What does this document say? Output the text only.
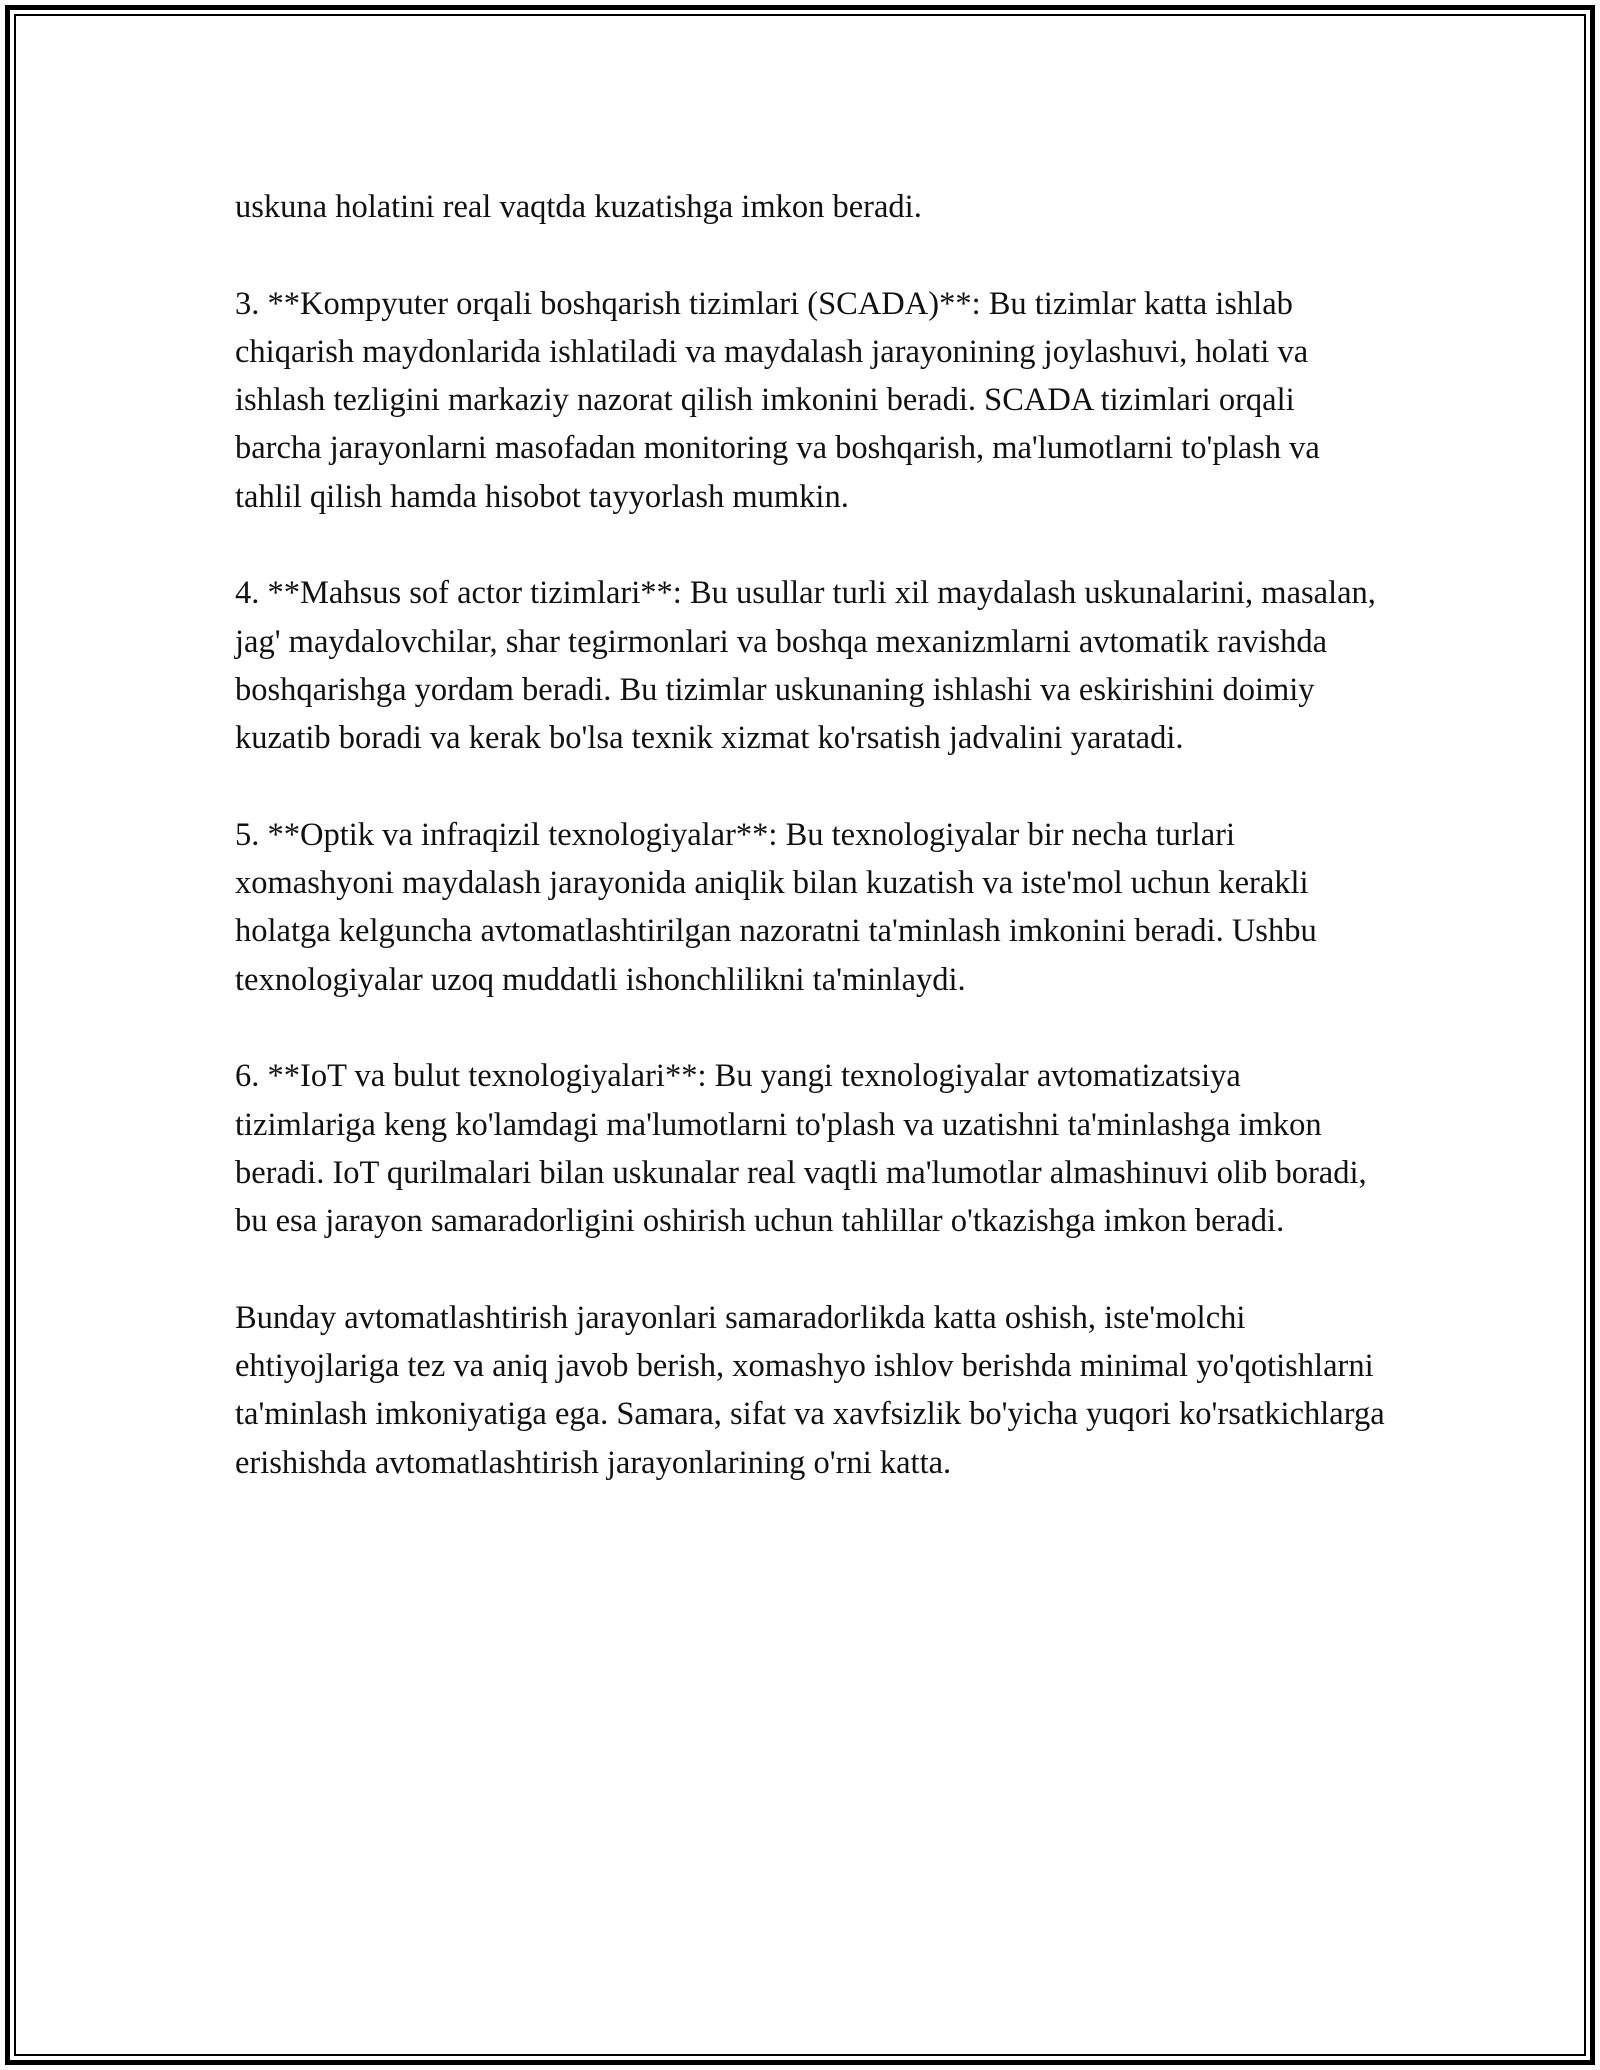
uskuna holatini real vaqtda kuzatishga imkon beradi.

3. **Kompyuter orqali boshqarish tizimlari (SCADA)**: Bu tizimlar katta ishlab chiqarish maydonlarida ishlatiladi va maydalash jarayonining joylashuvi, holati va ishlash tezligini markaziy nazorat qilish imkonini beradi. SCADA tizimlari orqali barcha jarayonlarni masofadan monitoring va boshqarish, ma'lumotlarni to'plash va tahlil qilish hamda hisobot tayyorlash mumkin.

4. **Mahsus sof actor tizimlari**: Bu usullar turli xil maydalash uskunalarini, masalan, jag' maydalovchilar, shar tegirmonlari va boshqa mexanizmlarni avtomatik ravishda boshqarishga yordam beradi. Bu tizimlar uskunaning ishlashi va eskirishini doimiy kuzatib boradi va kerak bo'lsa texnik xizmat ko'rsatish jadvalini yaratadi.

5. **Optik va infraqizil texnologiyalar**: Bu texnologiyalar bir necha turlari xomashyoni maydalash jarayonida aniqlik bilan kuzatish va iste'mol uchun kerakli holatga kelguncha avtomatlashtirilgan nazoratni ta'minlash imkonini beradi. Ushbu texnologiyalar uzoq muddatli ishonchlilikni ta'minlaydi.

6. **IoT va bulut texnologiyalari**: Bu yangi texnologiyalar avtomatizatsiya tizimlariga keng ko'lamdagi ma'lumotlarni to'plash va uzatishni ta'minlashga imkon beradi. IoT qurilmalari bilan uskunalar real vaqtli ma'lumotlar almashinuvi olib boradi, bu esa jarayon samaradorligini oshirish uchun tahlillar o'tkazishga imkon beradi.

Bunday avtomatlashtirish jarayonlari samaradorlikda katta oshish, iste'molchi ehtiyojlariga tez va aniq javob berish, xomashyo ishlov berishda minimal yo'qotishlarni ta'minlash imkoniyatiga ega. Samara, sifat va xavfsizlik bo'yicha yuqori ko'rsatkichlarga erishishda avtomatlashtirish jarayonlarining o'rni katta.
